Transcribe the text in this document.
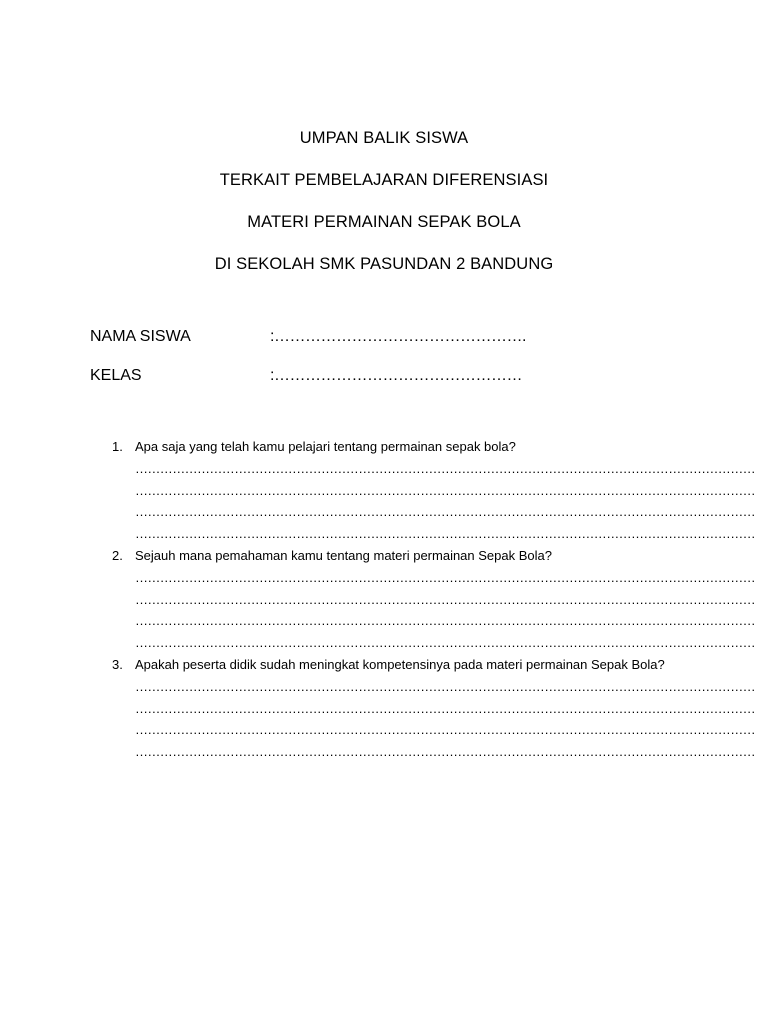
UMPAN BALIK SISWA
TERKAIT PEMBELAJARAN DIFERENSIASI
MATERI PERMAINAN SEPAK BOLA
DI SEKOLAH SMK PASUNDAN 2 BANDUNG
NAMA SISWA	:………………………………………….
KELAS	:…………………………………………
1. Apa saja yang telah kamu pelajari tentang permainan sepak bola?
……………………………………………………………………………………………………………………………………
……………………………………………………………………………………………………………………………………
……………………………………………………………………………………………………………………………………
……………………………………………………………………………………………………………………………………
2. Sejauh mana pemahaman kamu tentang materi permainan Sepak Bola?
……………………………………………………………………………………………………………………………………
……………………………………………………………………………………………………………………………………
……………………………………………………………………………………………………………………………………
……………………………………………………………………………………………………………………………………
3. Apakah peserta didik sudah meningkat kompetensinya pada materi permainan Sepak Bola?
……………………………………………………………………………………………………………………………………
……………………………………………………………………………………………………………………………………
……………………………………………………………………………………………………………………………………
……………………………………………………………………………………………………………………………………
